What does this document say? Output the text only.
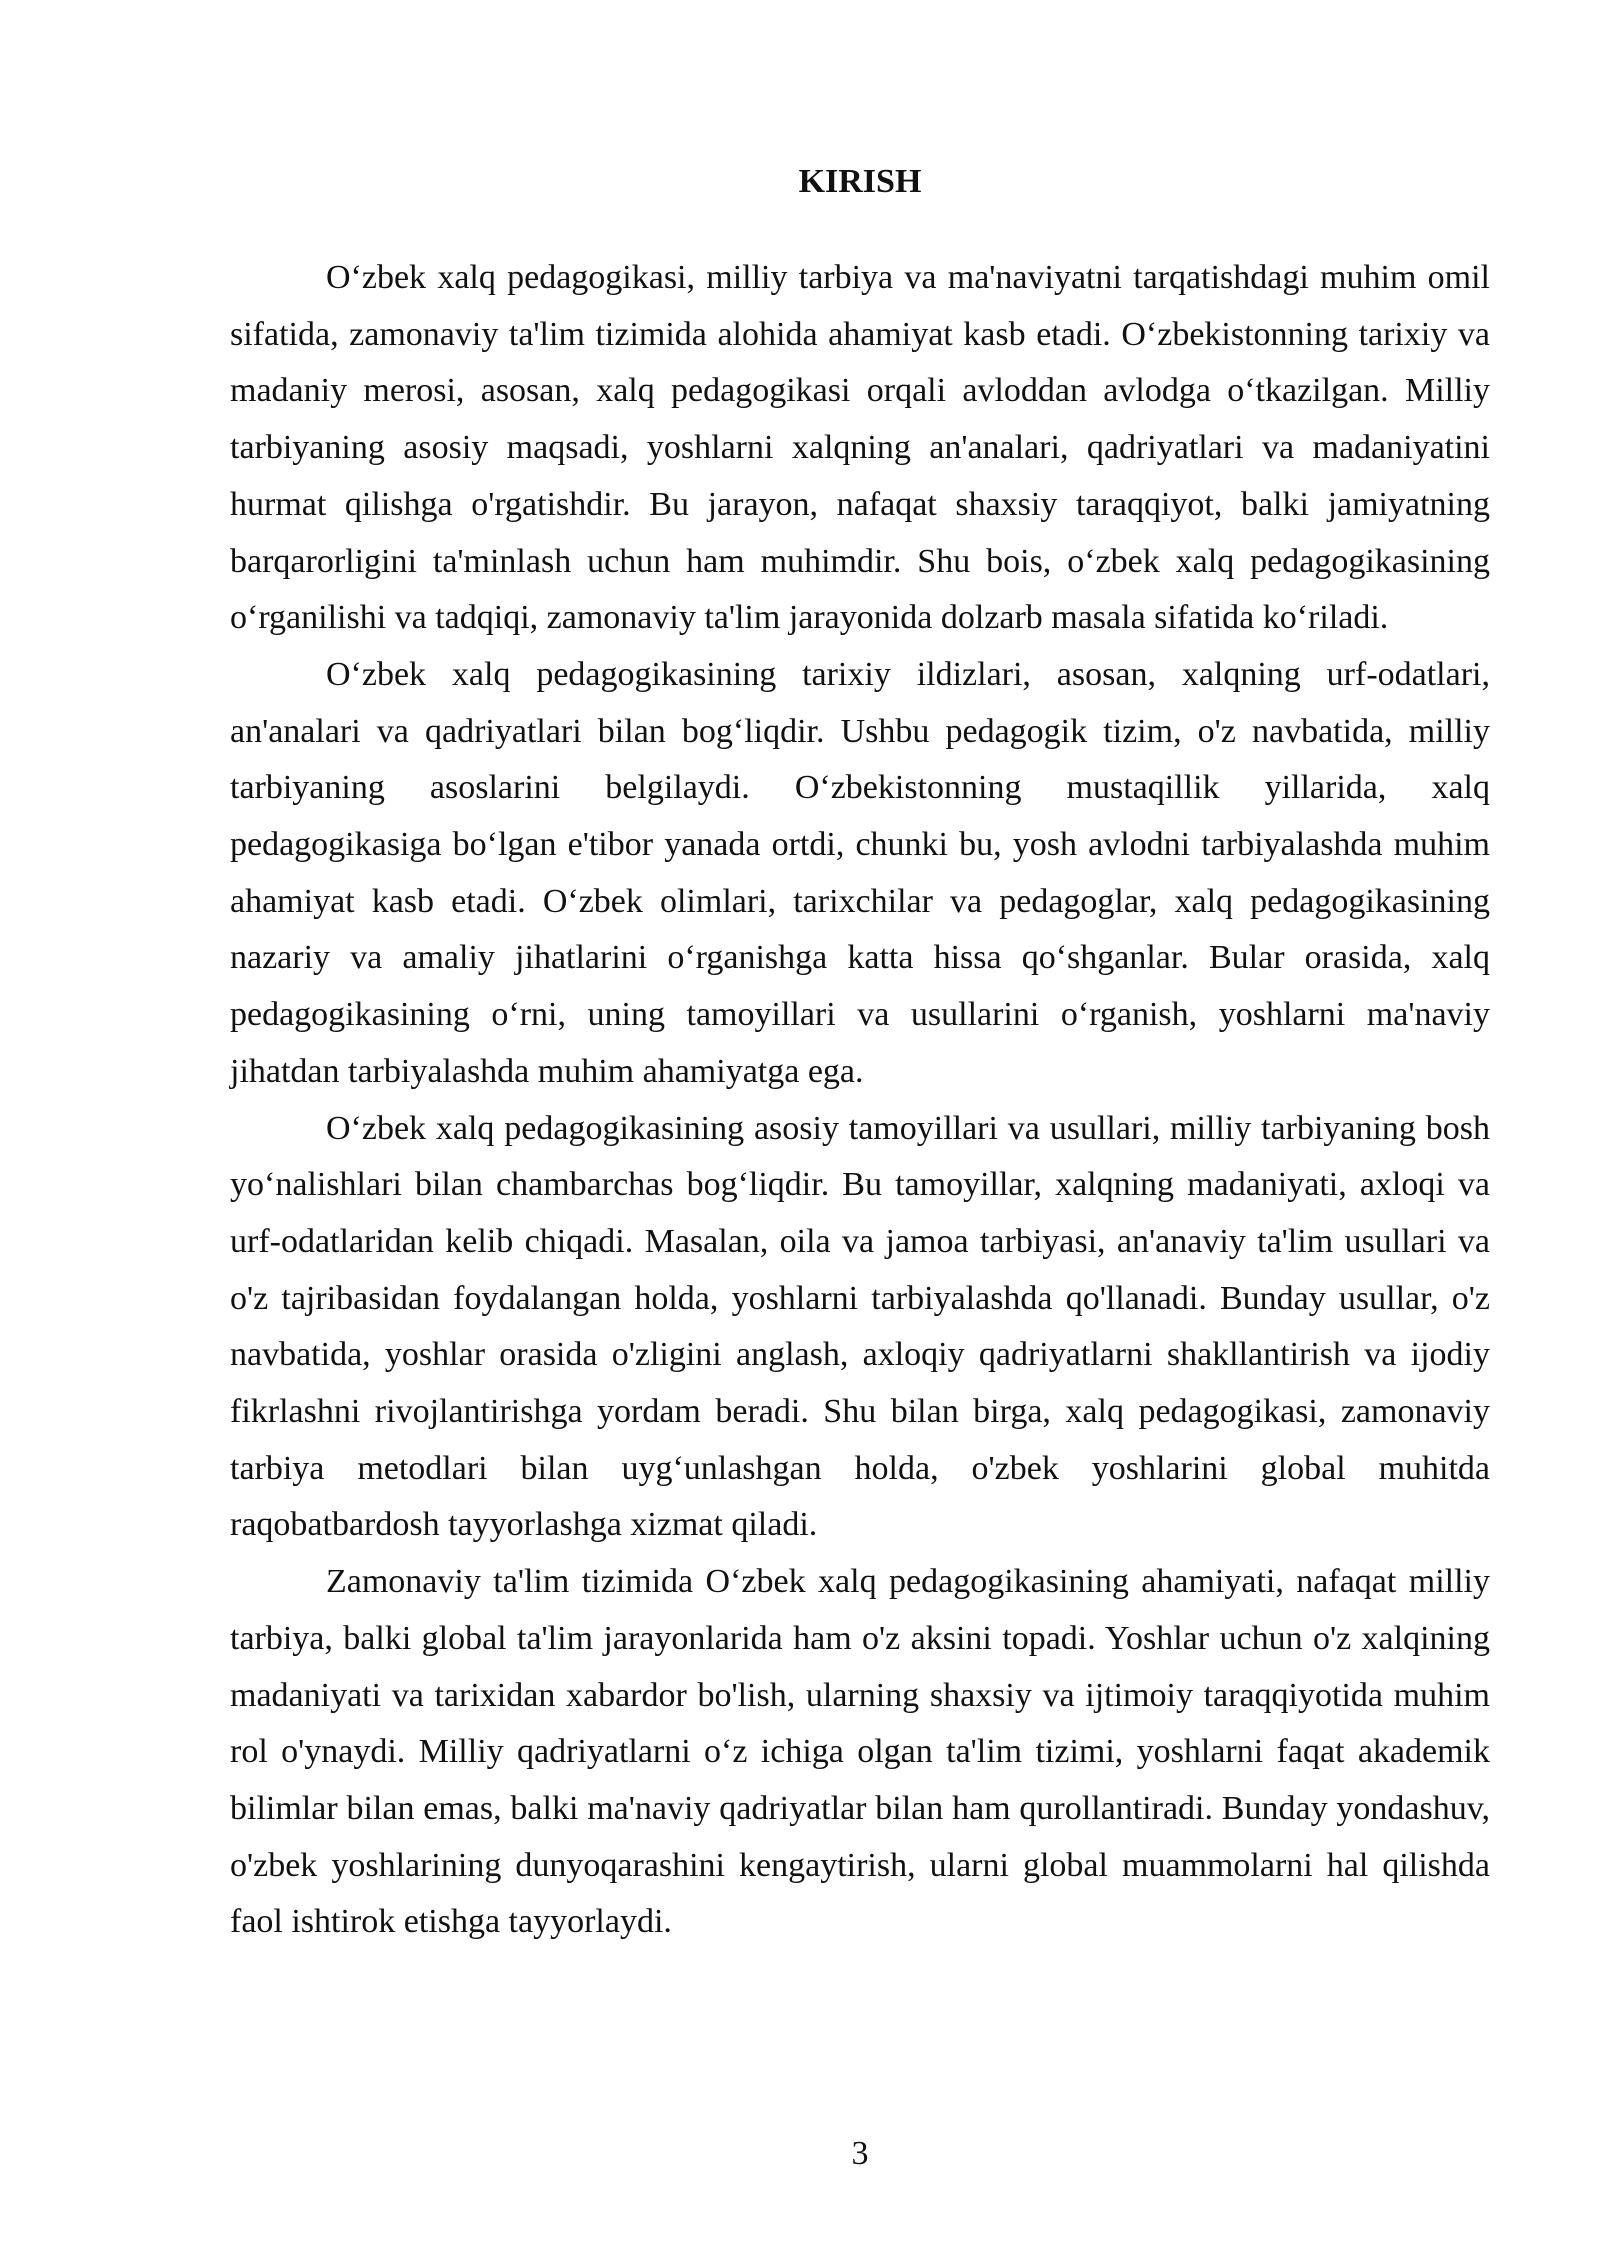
KIRISH

O‘zbek xalq pedagogikasi, milliy tarbiya va ma'naviyatni tarqatishdagi muhim omil sifatida, zamonaviy ta'lim tizimida alohida ahamiyat kasb etadi. O‘zbekistonning tarixiy va madaniy merosi, asosan, xalq pedagogikasi orqali avloddan avlodga o‘tkazilgan. Milliy tarbiyaning asosiy maqsadi, yoshlarni xalqning an'analari, qadriyatlari va madaniyatini hurmat qilishga o'rgatishdir. Bu jarayon, nafaqat shaxsiy taraqqiyot, balki jamiyatning barqarorligini ta'minlash uchun ham muhimdir. Shu bois, o‘zbek xalq pedagogikasining o‘rganilishi va tadqiqi, zamonaviy ta'lim jarayonida dolzarb masala sifatida ko‘riladi.

O‘zbek xalq pedagogikasining tarixiy ildizlari, asosan, xalqning urf-odatlari, an'analari va qadriyatlari bilan bog‘liqdir. Ushbu pedagogik tizim, o'z navbatida, milliy tarbiyaning asoslarini belgilaydi. O‘zbekistonning mustaqillik yillarida, xalq pedagogikasiga bo‘lgan e'tibor yanada ortdi, chunki bu, yosh avlodni tarbiyalashda muhim ahamiyat kasb etadi. O‘zbek olimlari, tarixchilar va pedagoglar, xalq pedagogikasining nazariy va amaliy jihatlarini o‘rganishga katta hissa qo‘shganlar. Bular orasida, xalq pedagogikasining o‘rni, uning tamoyillari va usullarini o‘rganish, yoshlarni ma'naviy jihatdan tarbiyalashda muhim ahamiyatga ega.

O‘zbek xalq pedagogikasining asosiy tamoyillari va usullari, milliy tarbiyaning bosh yo‘nalishlari bilan chambarchas bog‘liqdir. Bu tamoyillar, xalqning madaniyati, axloqi va urf-odatlaridan kelib chiqadi. Masalan, oila va jamoa tarbiyasi, an'anaviy ta'lim usullari va o'z tajribasidan foydalangan holda, yoshlarni tarbiyalashda qo'llanadi. Bunday usullar, o'z navbatida, yoshlar orasida o'zligini anglash, axloqiy qadriyatlarni shakllantirish va ijodiy fikrlashni rivojlantirishga yordam beradi. Shu bilan birga, xalq pedagogikasi, zamonaviy tarbiya metodlari bilan uyg‘unlashgan holda, o'zbek yoshlarini global muhitda raqobatbardosh tayyorlashga xizmat qiladi.

Zamonaviy ta'lim tizimida O‘zbek xalq pedagogikasining ahamiyati, nafaqat milliy tarbiya, balki global ta'lim jarayonlarida ham o'z aksini topadi. Yoshlar uchun o'z xalqining madaniyati va tarixidan xabardor bo'lish, ularning shaxsiy va ijtimoiy taraqqiyotida muhim rol o'ynaydi. Milliy qadriyatlarni o‘z ichiga olgan ta'lim tizimi, yoshlarni faqat akademik bilimlar bilan emas, balki ma'naviy qadriyatlar bilan ham qurollantiradi. Bunday yondashuv, o'zbek yoshlarining dunyoqarashini kengaytirish, ularni global muammolarni hal qilishda faol ishtirok etishga tayyorlaydi.

3
